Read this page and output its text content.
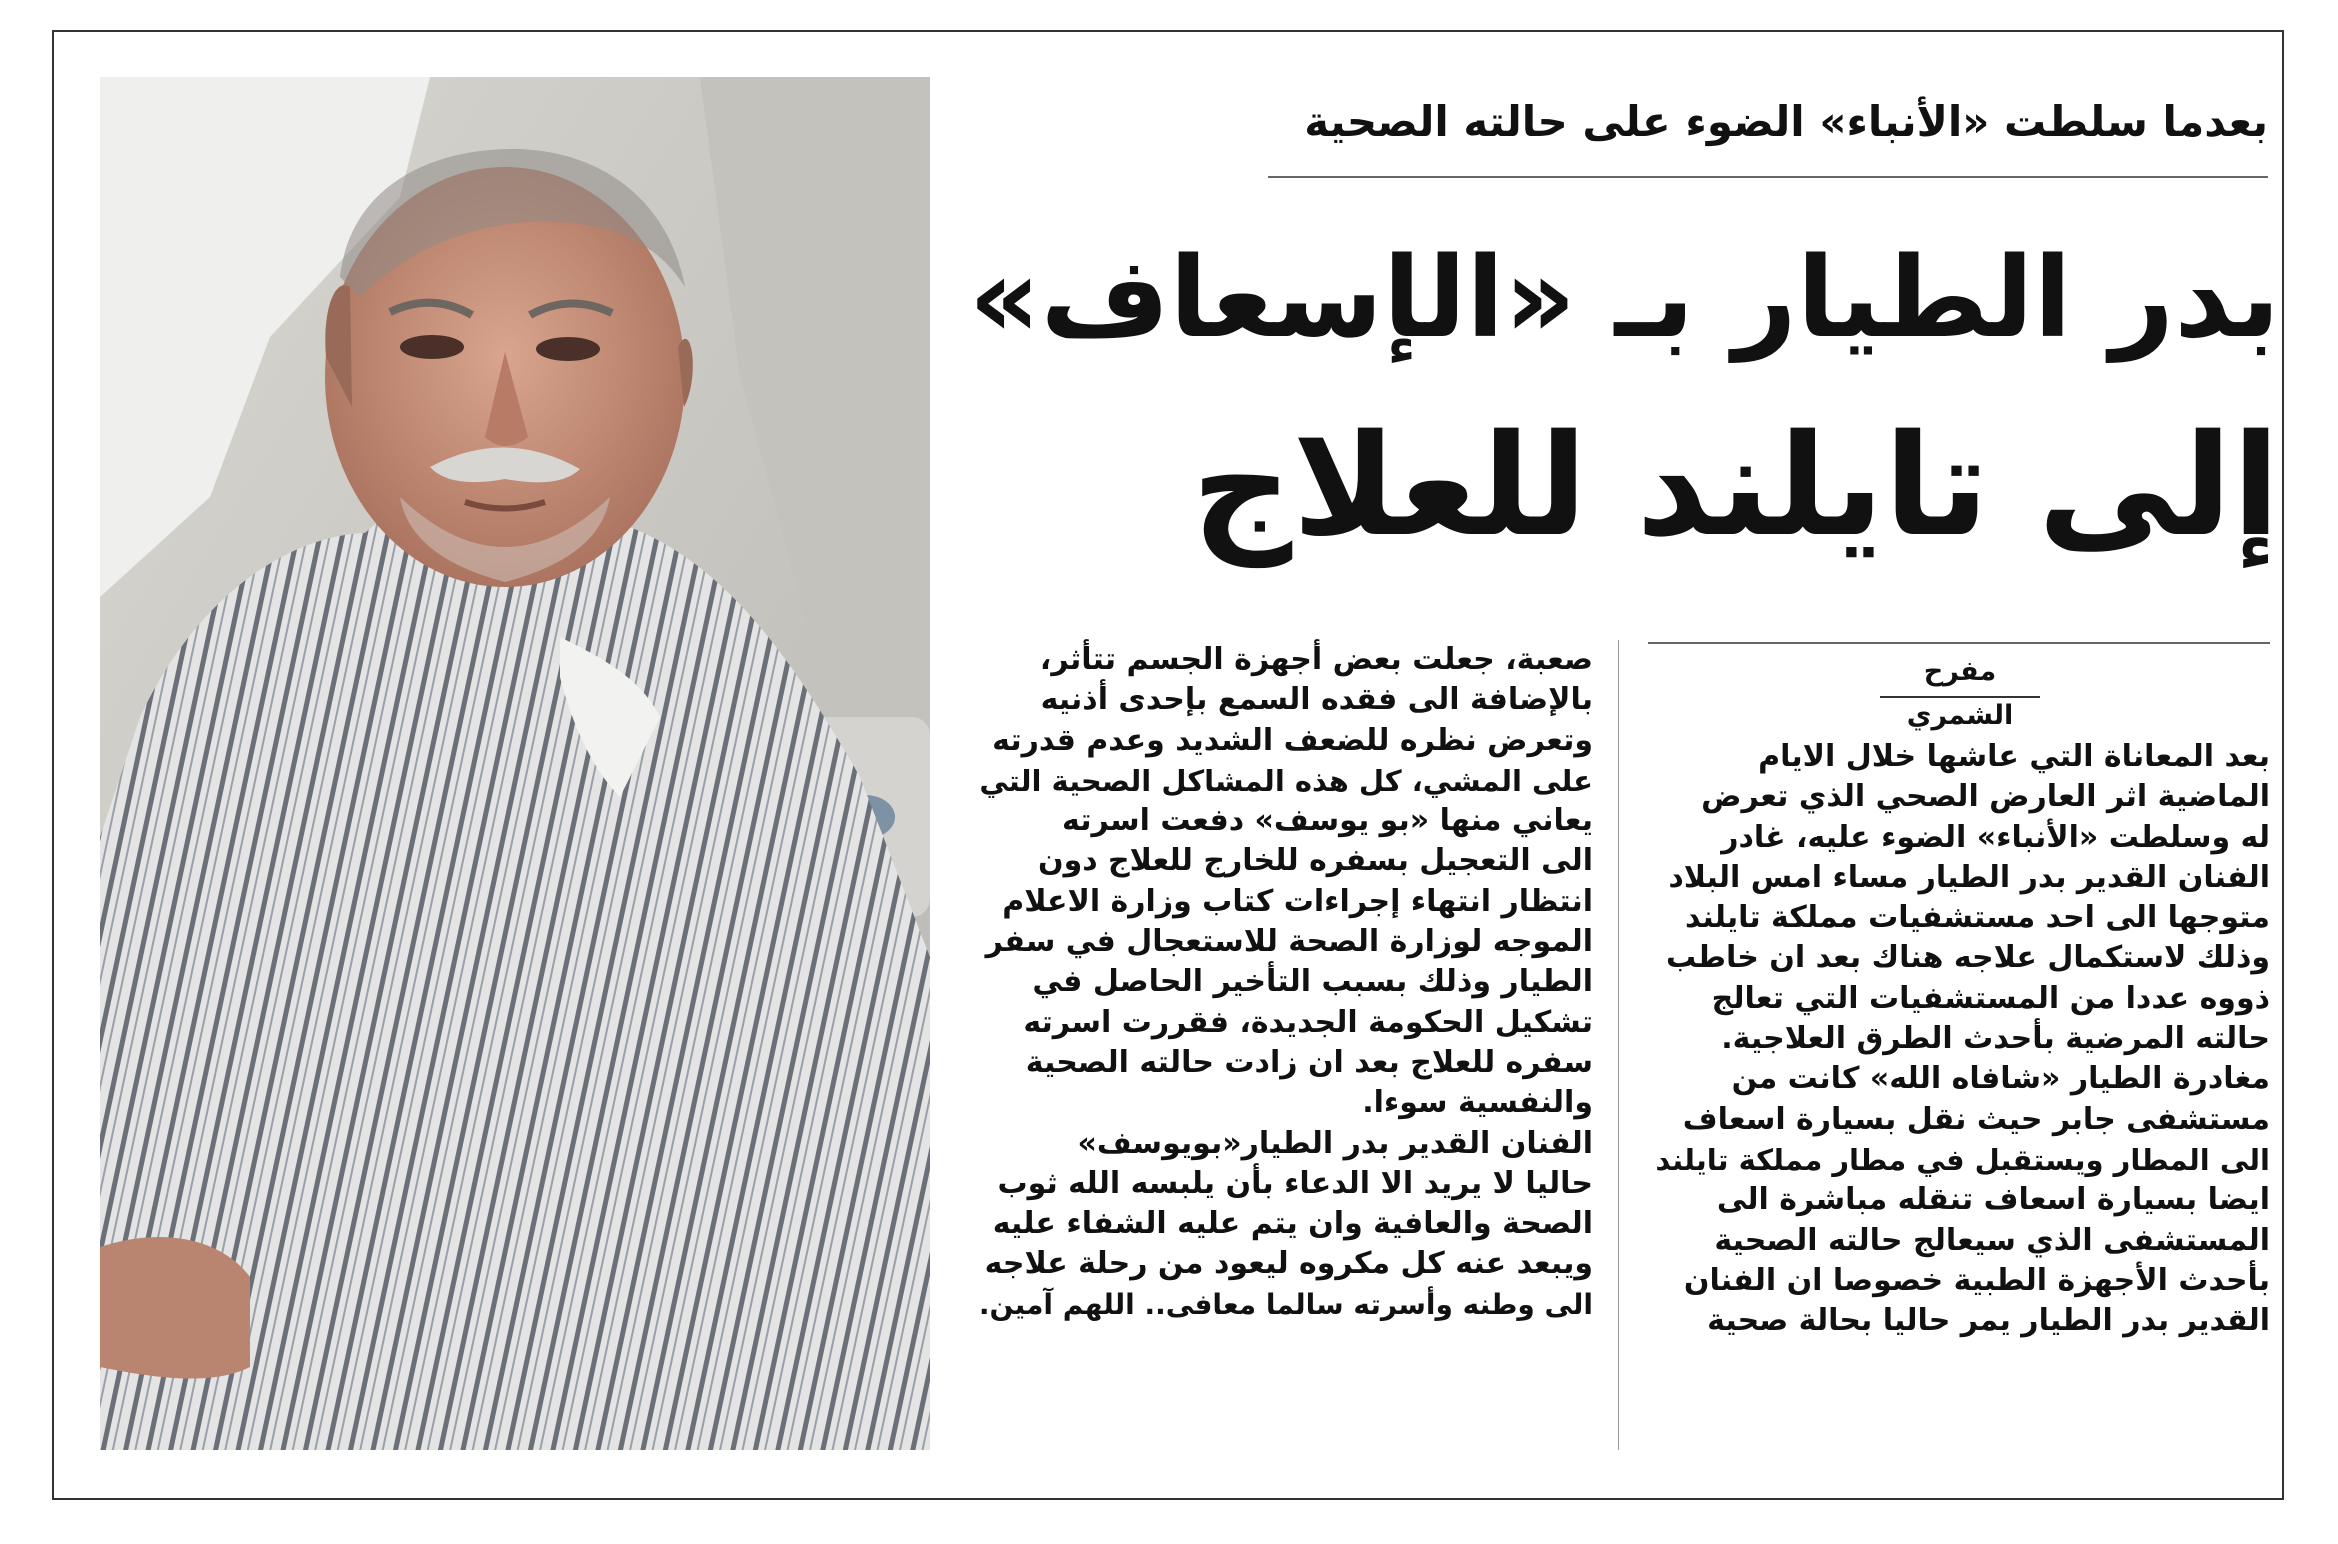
بعدما سلطت «الأنباء» الضوء على حالته الصحية
بدر الطيار بـ «الإسعاف»
إلى تايلند للعلاج
مفرح الشمري

بعد المعاناة التي عاشها خلال الايام

الماضية اثر العارض الصحي الذي تعرض

له وسلطت «الأنباء» الضوء عليه، غادر

الفنان القدير بدر الطيار مساء امس البلاد

متوجها الى احد مستشفيات مملكة تايلند

وذلك لاستكمال علاجه هناك بعد ان خاطب

ذووه عددا من المستشفيات التي تعالج

حالته المرضية بأحدث الطرق العلاجية.

مغادرة الطيار «شافاه الله» كانت من

مستشفى جابر حيث نقل بسيارة اسعاف

الى المطار ويستقبل في مطار مملكة تايلند

ايضا بسيارة اسعاف تنقله مباشرة الى

المستشفى الذي سيعالج حالته الصحية

بأحدث الأجهزة الطبية خصوصا ان الفنان

القدير بدر الطيار يمر حاليا بحالة صحية

صعبة، جعلت بعض أجهزة الجسم تتأثر،

بالإضافة الى فقده السمع بإحدى أذنيه

وتعرض نظره للضعف الشديد وعدم قدرته

على المشي، كل هذه المشاكل الصحية التي

يعاني منها «بو يوسف» دفعت اسرته

الى التعجيل بسفره للخارج للعلاج دون

انتظار انتهاء إجراءات كتاب وزارة الاعلام

الموجه لوزارة الصحة للاستعجال في سفر

الطيار وذلك بسبب التأخير الحاصل في

تشكيل الحكومة الجديدة، فقررت اسرته

سفره للعلاج بعد ان زادت حالته الصحية

والنفسية سوءا.

الفنان القدير بدر الطيار«بويوسف»

حاليا لا يريد الا الدعاء بأن يلبسه الله ثوب

الصحة والعافية وان يتم عليه الشفاء عليه

ويبعد عنه كل مكروه ليعود من رحلة علاجه

الى وطنه وأسرته سالما معافى.. اللهم آمين.
